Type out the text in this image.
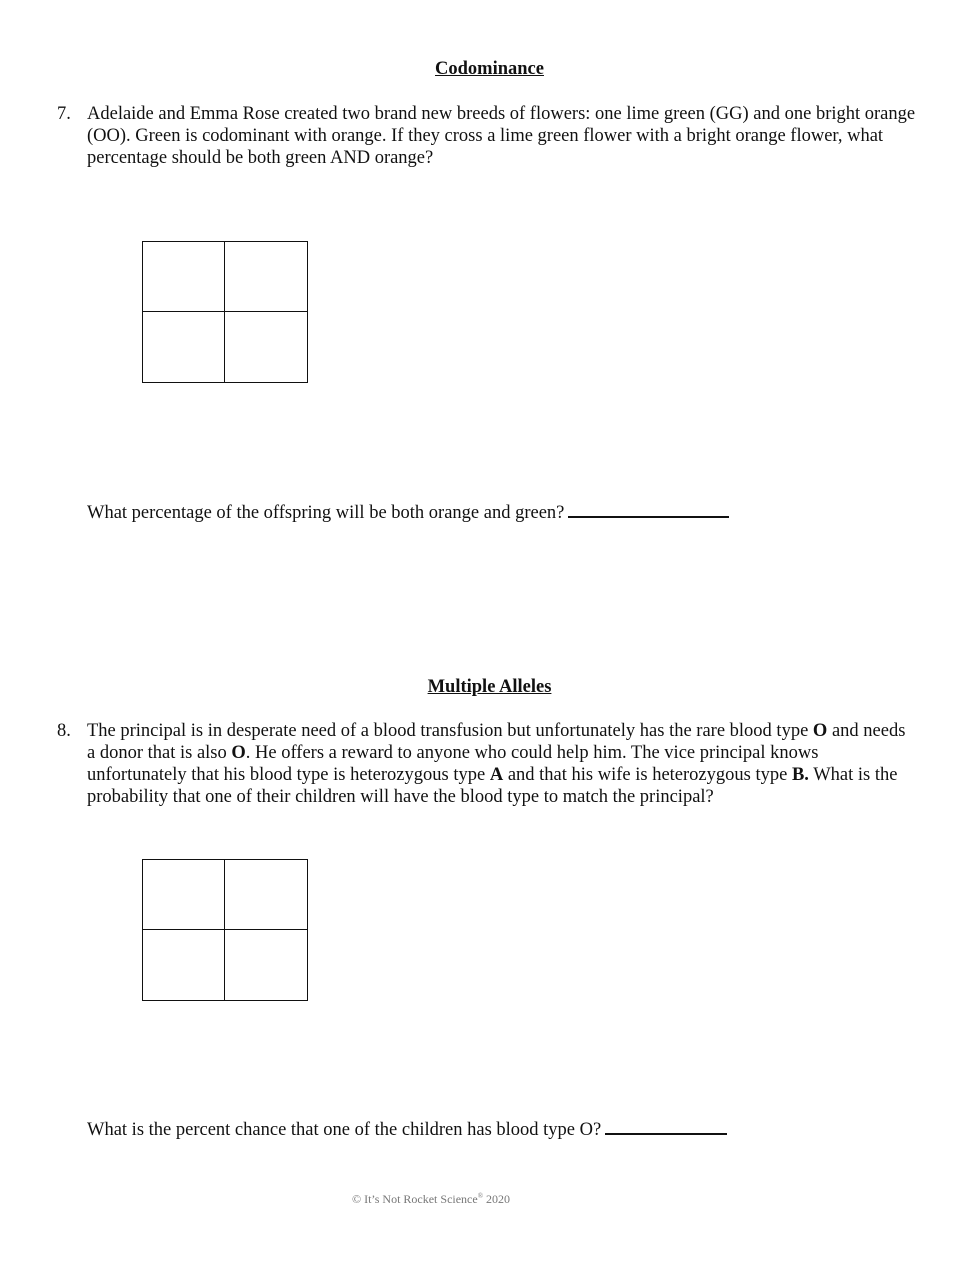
Codominance
7. Adelaide and Emma Rose created two brand new breeds of flowers: one lime green (GG) and one bright orange (OO). Green is codominant with orange. If they cross a lime green flower with a bright orange flower, what percentage should be both green AND orange?
What percentage of the offspring will be both orange and green?
Multiple Alleles
8. The principal is in desperate need of a blood transfusion but unfortunately has the rare blood type O and needs a donor that is also O. He offers a reward to anyone who could help him. The vice principal knows unfortunately that his blood type is heterozygous type A and that his wife is heterozygous type B. What is the probability that one of their children will have the blood type to match the principal?
What is the percent chance that one of the children has blood type O?
© It’s Not Rocket Science® 2020
